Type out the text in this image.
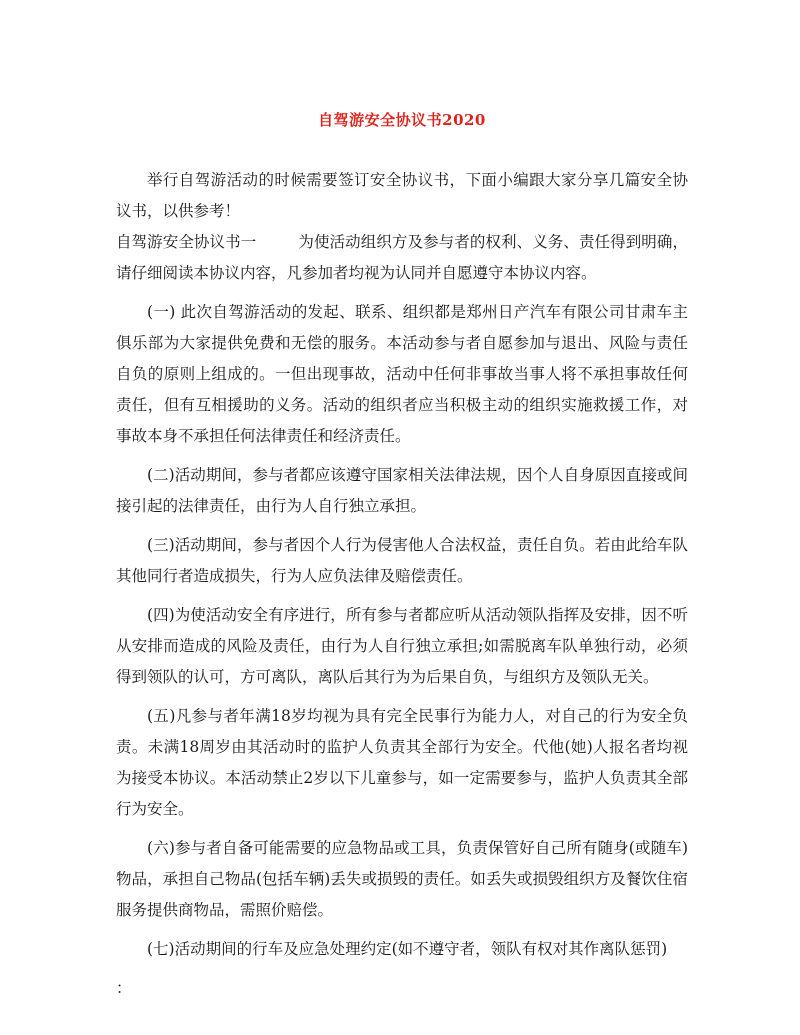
自驾游安全协议书2020

举行自驾游活动的时候需要签订安全协议书，下面小编跟大家分享几篇安全协议书，以供参考！

自驾游安全协议书一	为使活动组织方及参与者的权利、义务、责任得到明确，请仔细阅读本协议内容，凡参加者均视为认同并自愿遵守本协议内容。

(一) 此次自驾游活动的发起、联系、组织都是郑州日产汽车有限公司甘肃车主俱乐部为大家提供免费和无偿的服务。本活动参与者自愿参加与退出、风险与责任自负的原则上组成的。一但出现事故，活动中任何非事故当事人将不承担事故任何责任，但有互相援助的义务。活动的组织者应当积极主动的组织实施救援工作，对事故本身不承担任何法律责任和经济责任。

(二)活动期间，参与者都应该遵守国家相关法律法规，因个人自身原因直接或间接引起的法律责任，由行为人自行独立承担。

(三)活动期间，参与者因个人行为侵害他人合法权益，责任自负。若由此给车队其他同行者造成损失，行为人应负法律及赔偿责任。

(四)为使活动安全有序进行，所有参与者都应听从活动领队指挥及安排，因不听从安排而造成的风险及责任，由行为人自行独立承担;如需脱离车队单独行动，必须得到领队的认可，方可离队，离队后其行为为后果自负，与组织方及领队无关。

(五)凡参与者年满18岁均视为具有完全民事行为能力人，对自己的行为安全负责。未满18周岁由其活动时的监护人负责其全部行为安全。代他(她)人报名者均视为接受本协议。本活动禁止2岁以下儿童参与，如一定需要参与，监护人负责其全部行为安全。

(六)参与者自备可能需要的应急物品或工具，负责保管好自己所有随身(或随车)物品，承担自己物品(包括车辆)丢失或损毁的责任。如丢失或损毁组织方及餐饮住宿服务提供商物品，需照价赔偿。

(七)活动期间的行车及应急处理约定(如不遵守者，领队有权对其作离队惩罚)

：
